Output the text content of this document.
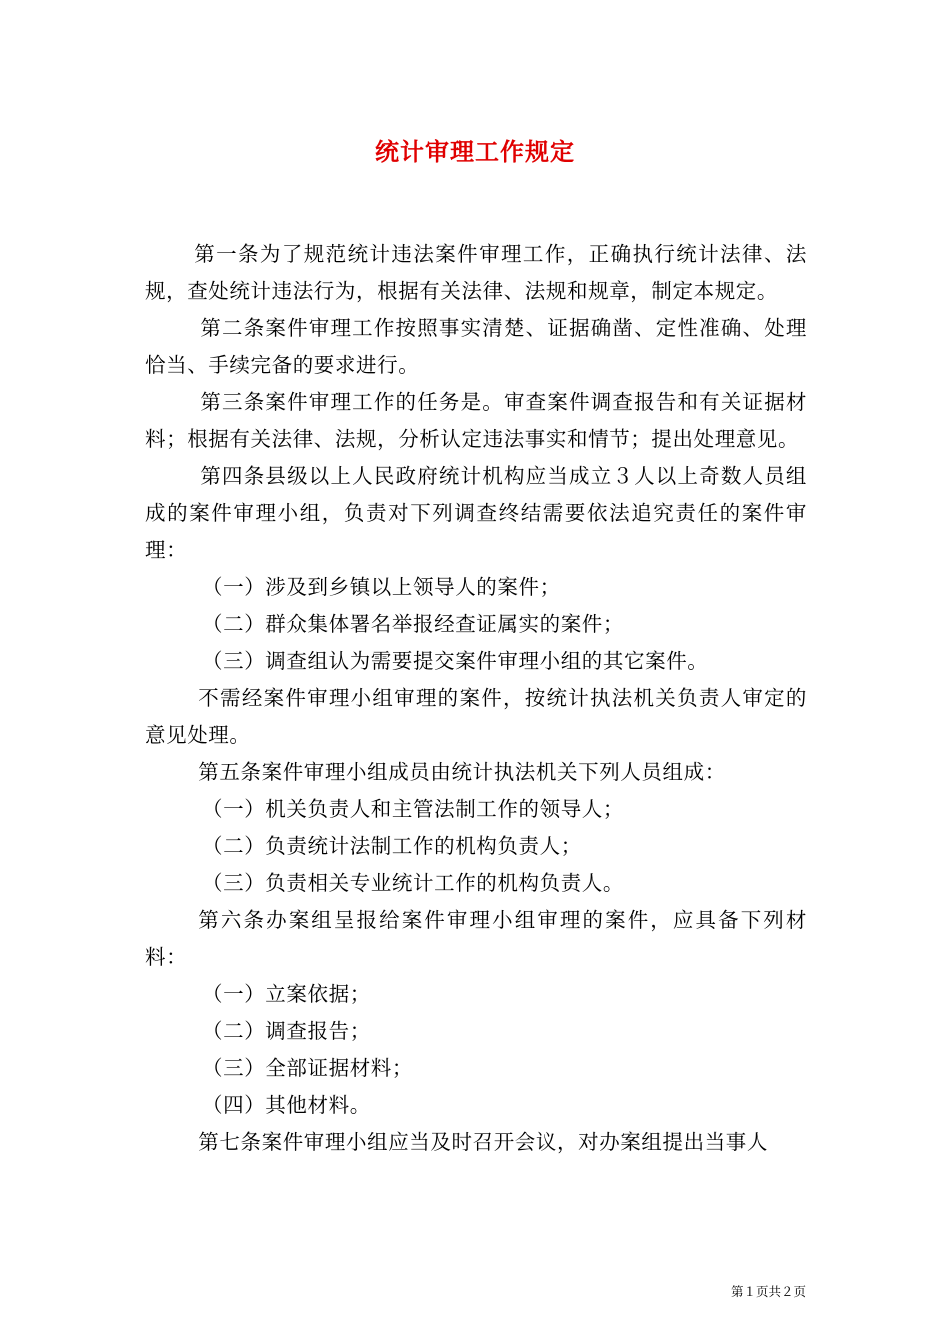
统计审理工作规定

第一条为了规范统计违法案件审理工作，正确执行统计法律、法规，查处统计违法行为，根据有关法律、法规和规章，制定本规定。

第二条案件审理工作按照事实清楚、证据确凿、定性准确、处理恰当、手续完备的要求进行。

第三条案件审理工作的任务是。审查案件调查报告和有关证据材料；根据有关法律、法规，分析认定违法事实和情节；提出处理意见。

第四条县级以上人民政府统计机构应当成立３人以上奇数人员组成的案件审理小组，负责对下列调查终结需要依法追究责任的案件审理：

（一）涉及到乡镇以上领导人的案件；

（二）群众集体署名举报经查证属实的案件；

（三）调查组认为需要提交案件审理小组的其它案件。

不需经案件审理小组审理的案件，按统计执法机关负责人审定的意见处理。

第五条案件审理小组成员由统计执法机关下列人员组成：

（一）机关负责人和主管法制工作的领导人；

（二）负责统计法制工作的机构负责人；

（三）负责相关专业统计工作的机构负责人。

第六条办案组呈报给案件审理小组审理的案件，应具备下列材料：

（一）立案依据；

（二）调查报告；

（三）全部证据材料；

（四）其他材料。

第七条案件审理小组应当及时召开会议，对办案组提出当事人

第１页共２页
